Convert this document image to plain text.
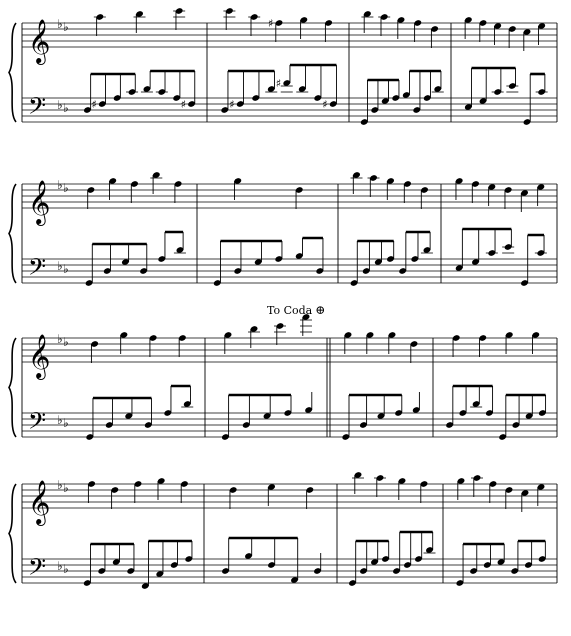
𝄞
𝄢
♭ ♭
♭ ♭ ♯	♯
♯
♯
♯
♯
𝄞
𝄢
♭ ♭
♭ ♭
𝄞
𝄢
♭ ♭
♭ ♭
𝄞
𝄢
♭ ♭
♭ ♭
To Coda ⊕
